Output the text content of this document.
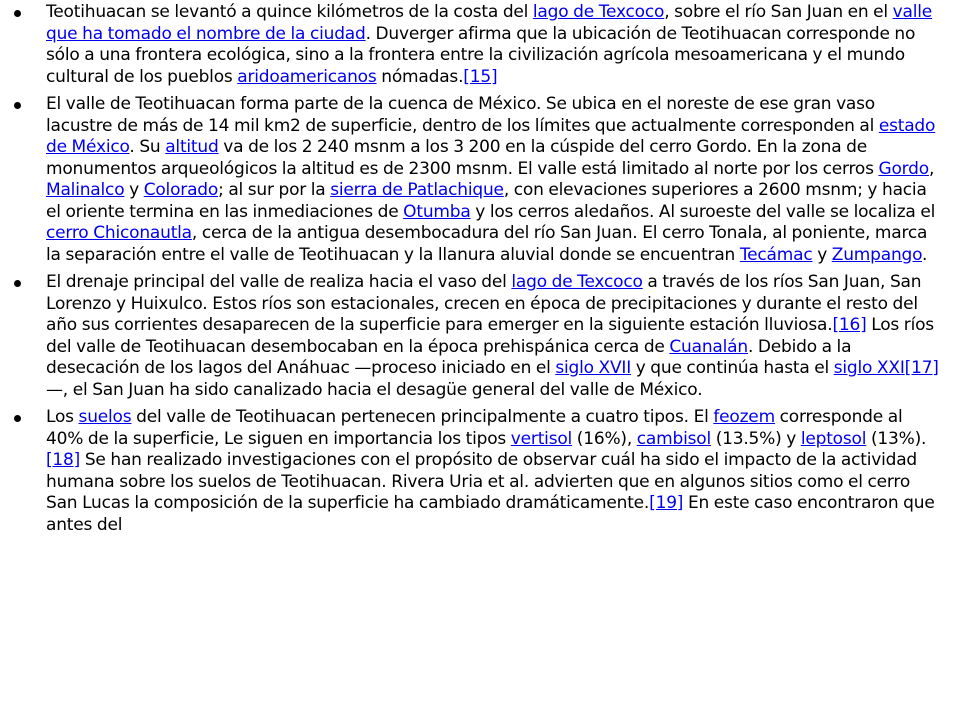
Teotihuacan se levantó a quince kilómetros de la costa del lago de Texcoco, sobre el río San Juan en el valle que ha tomado el nombre de la ciudad. Duverger afirma que la ubicación de Teotihuacan corresponde no sólo a una frontera ecológica, sino a la frontera entre la civilización agrícola mesoamericana y el mundo cultural de los pueblos aridoamericanos nómadas.[15]
El valle de Teotihuacan forma parte de la cuenca de México. Se ubica en el noreste de ese gran vaso lacustre de más de 14 mil km2 de superficie, dentro de los límites que actualmente corresponden al estado de México. Su altitud va de los 2 240 msnm a los 3 200 en la cúspide del cerro Gordo. En la zona de monumentos arqueológicos la altitud es de 2300 msnm. El valle está limitado al norte por los cerros Gordo, Malinalco y Colorado; al sur por la sierra de Patlachique, con elevaciones superiores a 2600 msnm; y hacia el oriente termina en las inmediaciones de Otumba y los cerros aledaños. Al suroeste del valle se localiza el cerro Chiconautla, cerca de la antigua desembocadura del río San Juan. El cerro Tonala, al poniente, marca la separación entre el valle de Teotihuacan y la llanura aluvial donde se encuentran Tecámac y Zumpango.
El drenaje principal del valle de realiza hacia el vaso del lago de Texcoco a través de los ríos San Juan, San Lorenzo y Huixulco. Estos ríos son estacionales, crecen en época de precipitaciones y durante el resto del año sus corrientes desaparecen de la superficie para emerger en la siguiente estación lluviosa.[16] Los ríos del valle de Teotihuacan desembocaban en la época prehispánica cerca de Cuanalán. Debido a la desecación de los lagos del Anáhuac —proceso iniciado en el siglo XVII y que continúa hasta el siglo XXI[17] —, el San Juan ha sido canalizado hacia el desagüe general del valle de México.
Los suelos del valle de Teotihuacan pertenecen principalmente a cuatro tipos. El feozem corresponde al 40% de la superficie, Le siguen en importancia los tipos vertisol (16%), cambisol (13.5%) y leptosol (13%).[18] Se han realizado investigaciones con el propósito de observar cuál ha sido el impacto de la actividad humana sobre los suelos de Teotihuacan. Rivera Uria et al. advierten que en algunos sitios como el cerro San Lucas la composición de la superficie ha cambiado dramáticamente.[19] En este caso encontraron que antes del
